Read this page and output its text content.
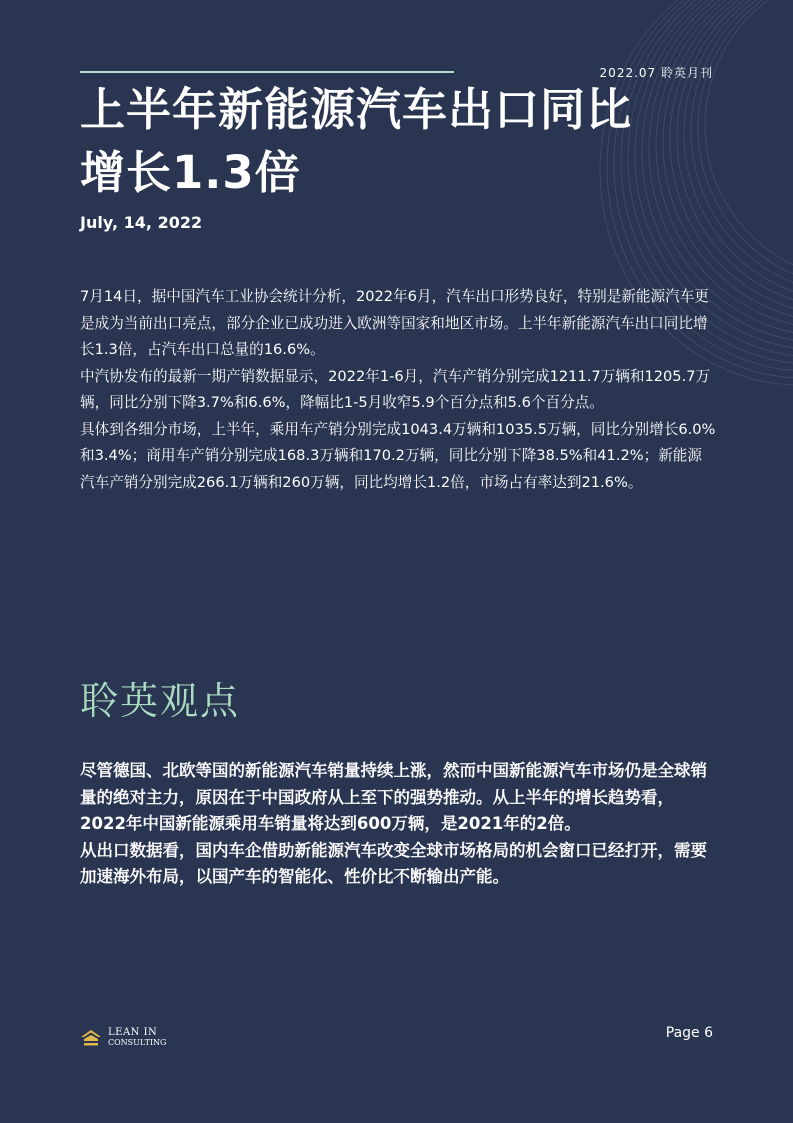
2022.07 聆英月刊
上半年新能源汽车出口同比
增长1.3倍
July, 14, 2022

7月14日，据中国汽车工业协会统计分析，2022年6月，汽车出口形势良好，特别是新能源汽车更是成为当前出口亮点，部分企业已成功进入欧洲等国家和地区市场。上半年新能源汽车出口同比增长1.3倍，占汽车出口总量的16.6%。

中汽协发布的最新一期产销数据显示，2022年1-6月，汽车产销分别完成1211.7万辆和1205.7万辆，同比分别下降3.7%和6.6%，降幅比1-5月收窄5.9个百分点和5.6个百分点。

具体到各细分市场，上半年，乘用车产销分别完成1043.4万辆和1035.5万辆，同比分别增长6.0%和3.4%；商用车产销分别完成168.3万辆和170.2万辆，同比分别下降38.5%和41.2%；新能源汽车产销分别完成266.1万辆和260万辆，同比均增长1.2倍，市场占有率达到21.6%。

聆英观点

尽管德国、北欧等国的新能源汽车销量持续上涨，然而中国新能源汽车市场仍是全球销量的绝对主力，原因在于中国政府从上至下的强势推动。从上半年的增长趋势看，2022年中国新能源乘用车销量将达到600万辆，是2021年的2倍。

从出口数据看，国内车企借助新能源汽车改变全球市场格局的机会窗口已经打开，需要加速海外布局，以国产车的智能化、性价比不断输出产能。

LEAN IN
CONSULTING
Page 6
